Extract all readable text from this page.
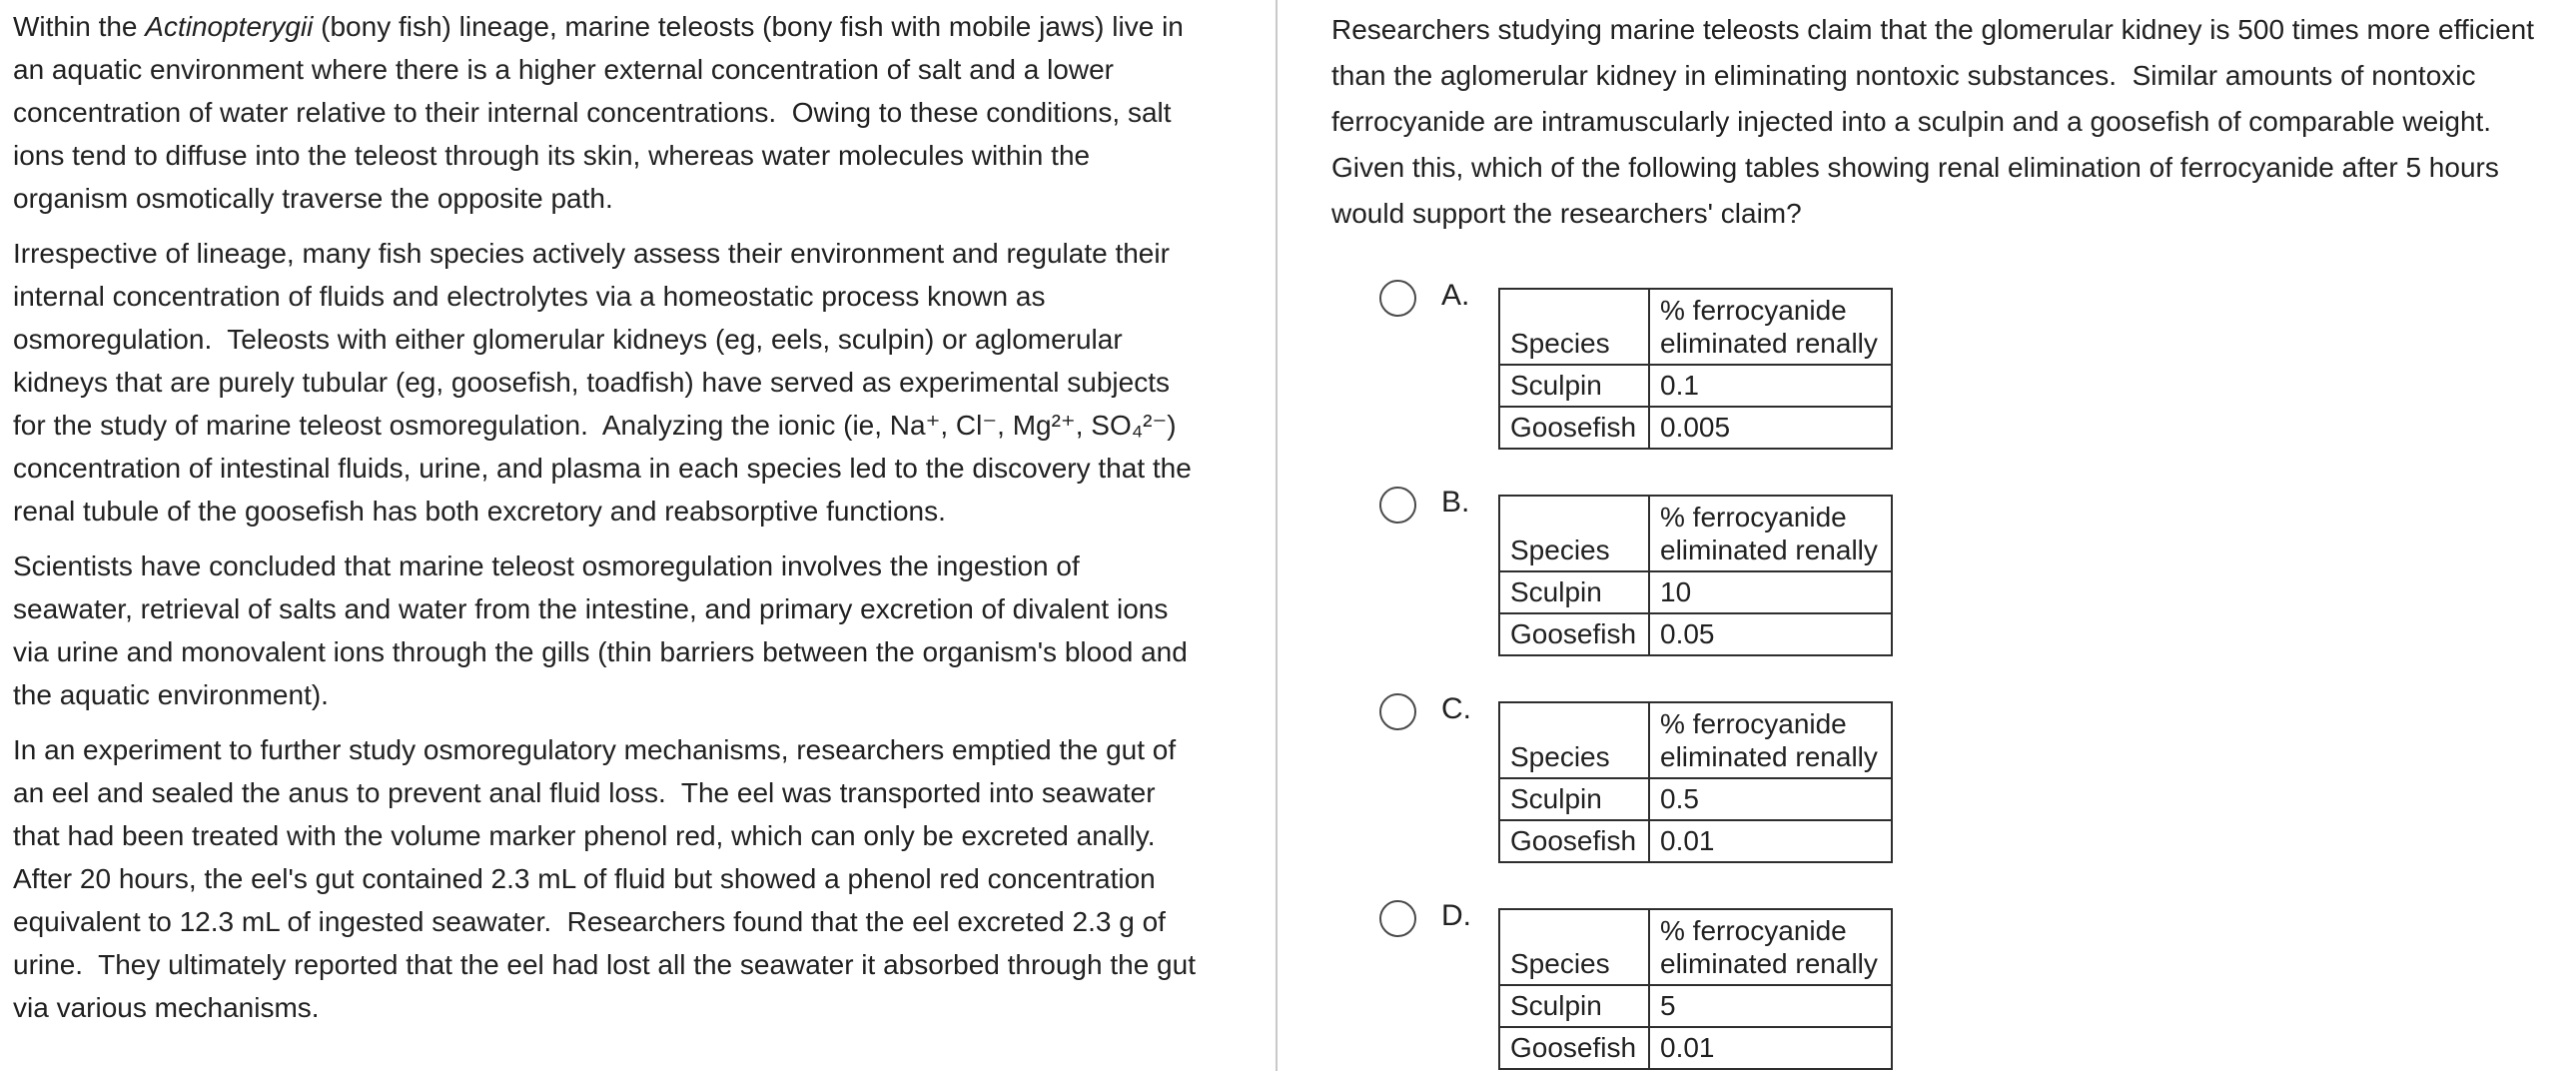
Within the Actinopterygii (bony fish) lineage, marine teleosts (bony fish with mobile jaws) live in an aquatic environment where there is a higher external concentration of salt and a lower concentration of water relative to their internal concentrations.  Owing to these conditions, salt ions tend to diffuse into the teleost through its skin, whereas water molecules within the organism osmotically traverse the opposite path.

Irrespective of lineage, many fish species actively assess their environment and regulate their internal concentration of fluids and electrolytes via a homeostatic process known as osmoregulation.  Teleosts with either glomerular kidneys (eg, eels, sculpin) or aglomerular kidneys that are purely tubular (eg, goosefish, toadfish) have served as experimental subjects for the study of marine teleost osmoregulation.  Analyzing the ionic (ie, Na⁺, Cl⁻, Mg²⁺, SO₄²⁻) concentration of intestinal fluids, urine, and plasma in each species led to the discovery that the renal tubule of the goosefish has both excretory and reabsorptive functions.

Scientists have concluded that marine teleost osmoregulation involves the ingestion of seawater, retrieval of salts and water from the intestine, and primary excretion of divalent ions via urine and monovalent ions through the gills (thin barriers between the organism's blood and the aquatic environment).

In an experiment to further study osmoregulatory mechanisms, researchers emptied the gut of an eel and sealed the anus to prevent anal fluid loss.  The eel was transported into seawater that had been treated with the volume marker phenol red, which can only be excreted anally.  After 20 hours, the eel's gut contained 2.3 mL of fluid but showed a phenol red concentration equivalent to 12.3 mL of ingested seawater.  Researchers found that the eel excreted 2.3 g of urine.  They ultimately reported that the eel had lost all the seawater it absorbed through the gut via various mechanisms.

Researchers studying marine teleosts claim that the glomerular kidney is 500 times more efficient than the aglomerular kidney in eliminating nontoxic substances.  Similar amounts of nontoxic ferrocyanide are intramuscularly injected into a sculpin and a goosefish of comparable weight.  Given this, which of the following tables showing renal elimination of ferrocyanide after 5 hours would support the researchers' claim?

A.
Species	% ferrocyanide eliminated renally
Sculpin	0.1
Goosefish	0.005
B.
Species	% ferrocyanide eliminated renally
Sculpin	10
Goosefish	0.05
C.
Species	% ferrocyanide eliminated renally
Sculpin	0.5
Goosefish	0.01
D.
Species	% ferrocyanide eliminated renally
Sculpin	5
Goosefish	0.01
